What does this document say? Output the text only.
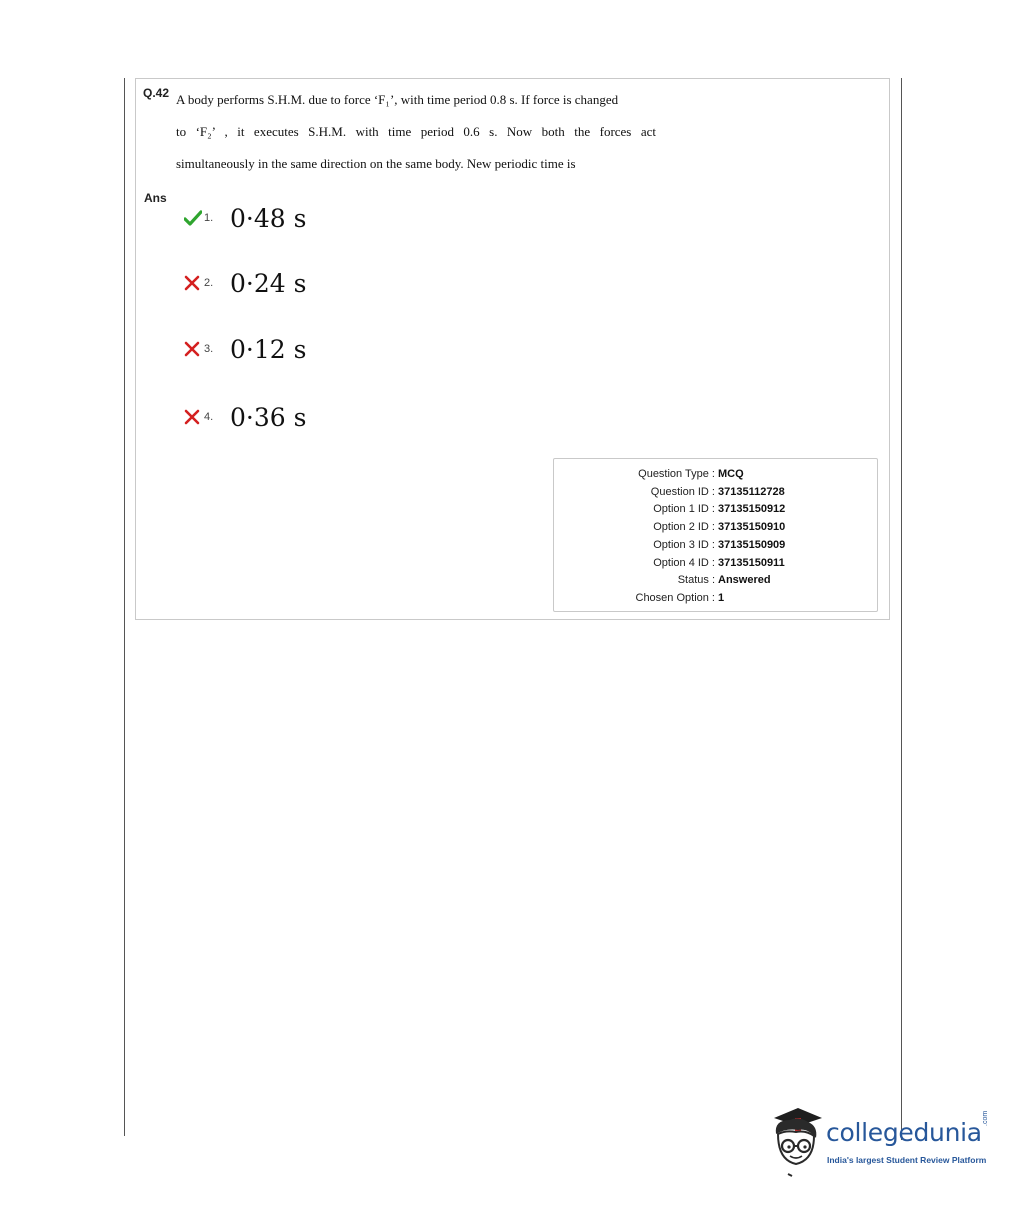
Q.42 A body performs S.H.M. due to force ‘F₁’, with time period 0.8 s. If force is changed
to ‘F₂’ , it executes S.H.M. with time period 0.6 s. Now both the forces act
simultaneously in the same direction on the same body. New periodic time is
Ans
1. 0·48 s
2. 0·24 s
3. 0·12 s
4. 0·36 s
Question Type : MCQ
Question ID : 37135112728
Option 1 ID : 37135150912
Option 2 ID : 37135150910
Option 3 ID : 37135150909
Option 4 ID : 37135150911
Status : Answered
Chosen Option : 1
collegedunia .com
India's largest Student Review Platform
